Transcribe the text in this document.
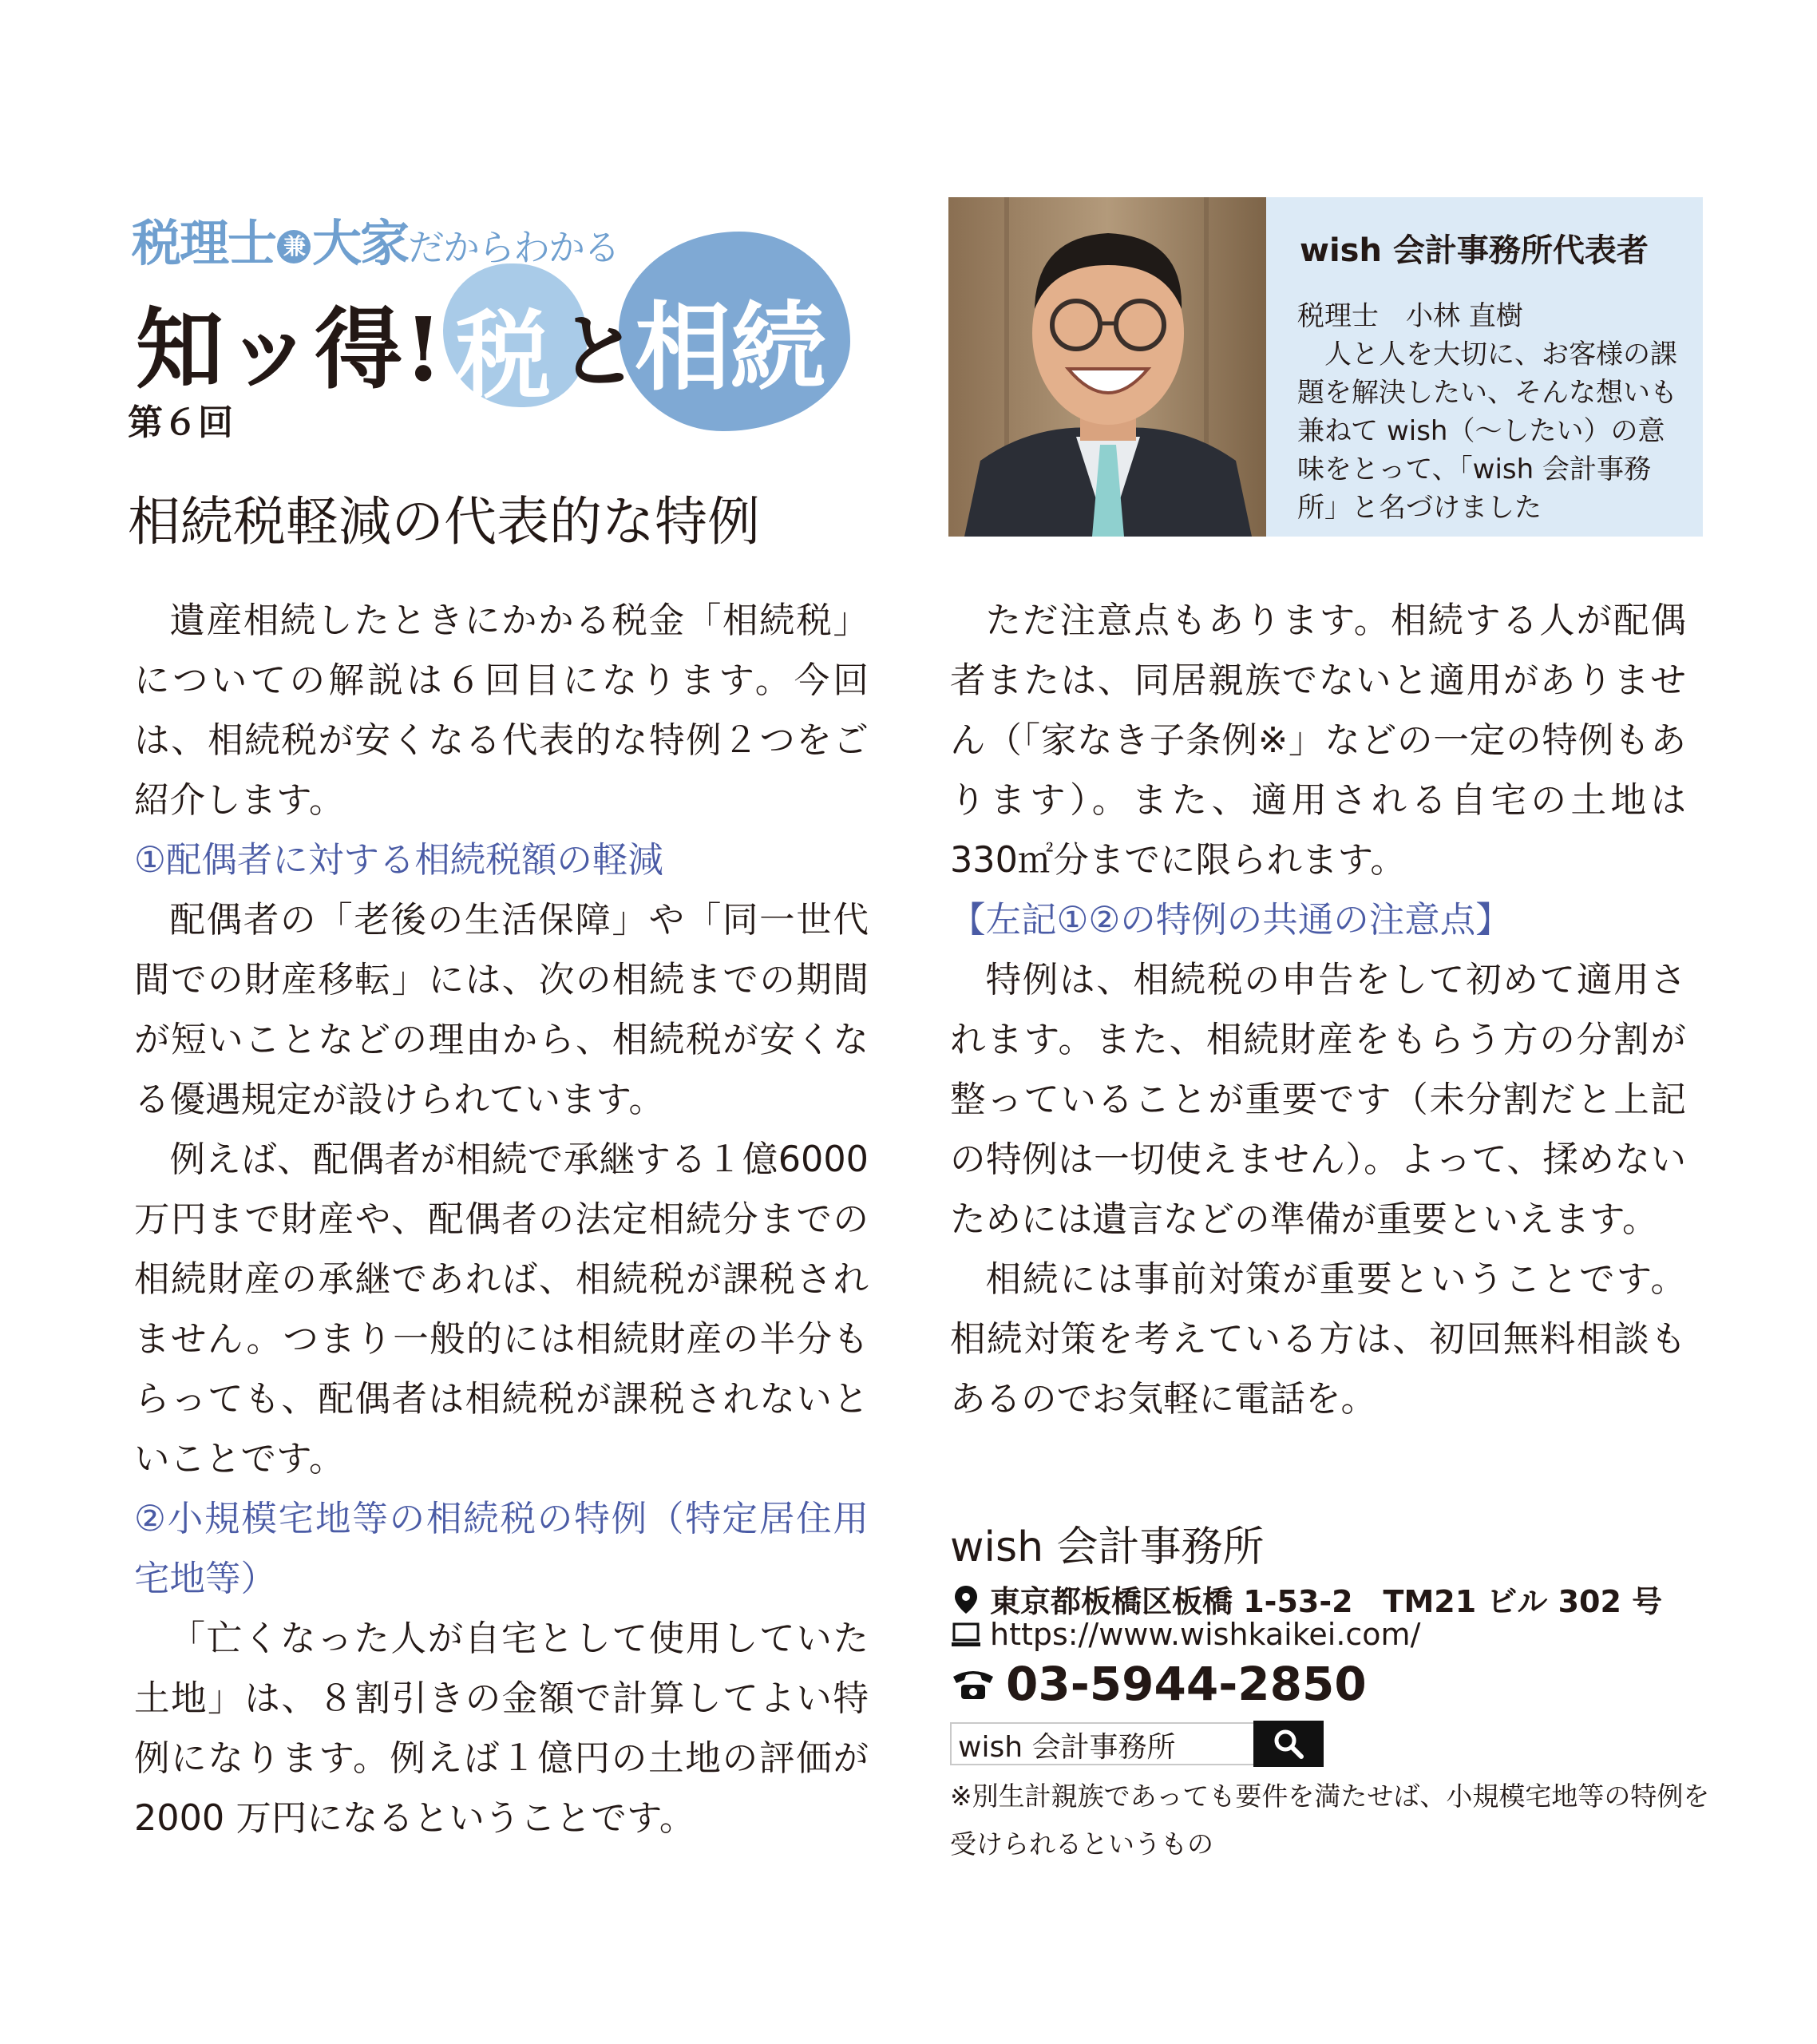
税理士 兼 大家だからわかる
知ッ得! 税 と
相続
第６回
相続税軽減の代表的な特例
wish 会計事務所代表者

税理士　小林 直樹

人と人を大切に、お客様の課題を解決したい、そんな想いも兼ねて wish（〜したい）の意味をとって、「wish 会計事務所」と名づけました

遺産相続したときにかかる税金「相続税」についての解説は６回目になります。今回は、相続税が安くなる代表的な特例２つをご紹介します。

①配偶者に対する相続税額の軽減

配偶者の「老後の生活保障」や「同一世代間での財産移転」には、次の相続までの期間が短いことなどの理由から、相続税が安くなる優遇規定が設けられています。

例えば、配偶者が相続で承継する１億6000 万円まで財産や、配偶者の法定相続分までの相続財産の承継であれば、相続税が課税されません。つまり一般的には相続財産の半分もらっても、配偶者は相続税が課税されないといことです。

②小規模宅地等の相続税の特例（特定居住用宅地等）

「亡くなった人が自宅として使用していた土地」は、８割引きの金額で計算してよい特例になります。例えば１億円の土地の評価が 2000 万円になるということです。

ただ注意点もあります。相続する人が配偶者または、同居親族でないと適用がありません（「家なき子条例※」などの一定の特例もあります）。また、適用される自宅の土地は 330㎡分までに限られます。

【左記①②の特例の共通の注意点】

特例は、相続税の申告をして初めて適用されます。また、相続財産をもらう方の分割が整っていることが重要です（未分割だと上記の特例は一切使えません）。よって、揉めないためには遺言などの準備が重要といえます。

相続には事前対策が重要ということです。相続対策を考えている方は、初回無料相談もあるのでお気軽に電話を。

wish 会計事務所
東京都板橋区板橋 1-53-2　TM21 ビル 302 号
https://www.wishkaikei.com/
03-5944-2850
wish 会計事務所
※別生計親族であっても要件を満たせば、小規模宅地等の特例を受けられるというもの
